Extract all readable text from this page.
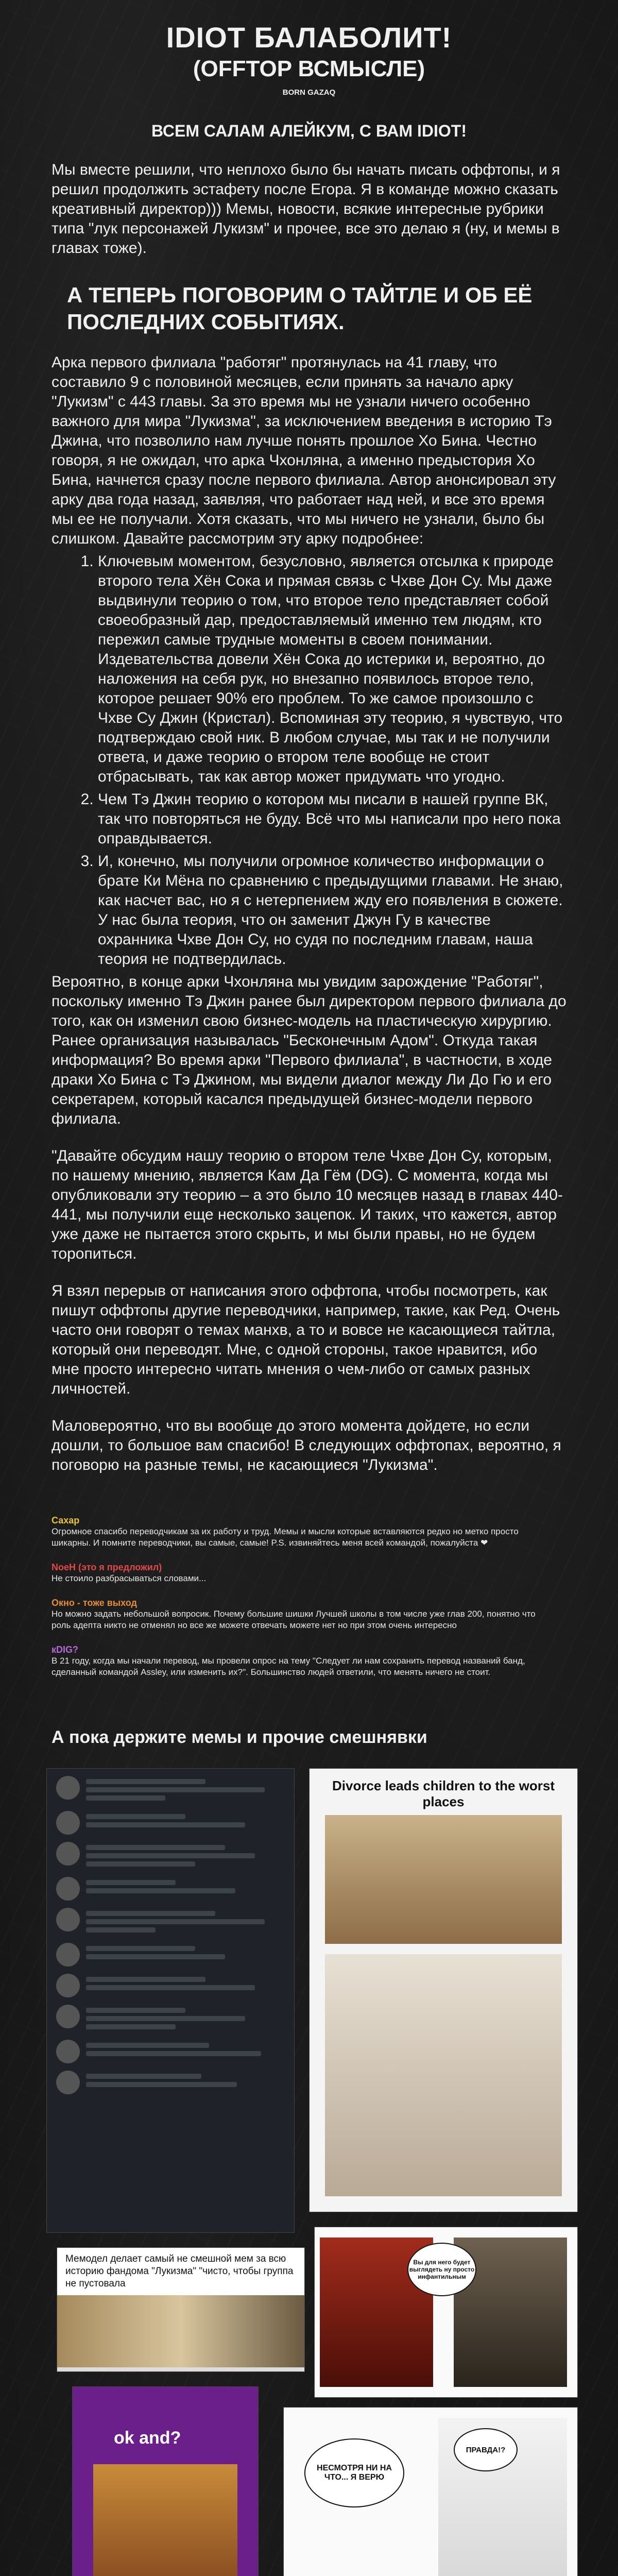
IDIOT БАЛАБОЛИТ!
(OFFTOP ВСМЫСЛЕ)
BORN GAZAQ
ВСЕМ САЛАМ АЛЕЙКУМ, С ВАМ IDIOT!
Мы вместе решили, что неплохо было бы начать писать оффтопы, и я решил продолжить эстафету после Егора. Я в команде можно сказать креативный директор))) Мемы, новости, всякие интересные рубрики типа "лук персонажей Лукизм" и прочее, все это делаю я (ну, и мемы в главах тоже).
А ТЕПЕРЬ ПОГОВОРИМ О ТАЙТЛЕ И ОБ ЕЁ ПОСЛЕДНИХ СОБЫТИЯХ.
Арка первого филиала "работяг" протянулась на 41 главу, что составило 9 с половиной месяцев, если принять за начало арку "Лукизм" с 443 главы. За это время мы не узнали ничего особенно важного для мира "Лукизма", за исключением введения в историю Тэ Джина, что позволило нам лучше понять прошлое Хо Бина. Честно говоря, я не ожидал, что арка Чхонляна, а именно предыстория Хо Бина, начнется сразу после первого филиала. Автор анонсировал эту арку два года назад, заявляя, что работает над ней, и все это время мы ее не получали. Хотя сказать, что мы ничего не узнали, было бы слишком. Давайте рассмотрим эту арку подробнее:
1. Ключевым моментом, безусловно, является отсылка к природе второго тела Хён Сока и прямая связь с Чхве Дон Су. Мы даже выдвинули теорию о том, что второе тело представляет собой своеобразный дар, предоставляемый именно тем людям, кто пережил самые трудные моменты в своем понимании. Издевательства довели Хён Сока до истерики и, вероятно, до наложения на себя рук, но внезапно появилось второе тело, которое решает 90% его проблем. То же самое произошло с Чхве Су Джин (Кристал). Вспоминая эту теорию, я чувствую, что подтверждаю свой ник. В любом случае, мы так и не получили ответа, и даже теорию о втором теле вообще не стоит отбрасывать, так как автор может придумать что угодно.
2. Чем Тэ Джин теорию о котором мы писали в нашей группе ВК, так что повторяться не буду. Всё что мы написали про него пока оправдывается.
3. И, конечно, мы получили огромное количество информации о брате Ки Мёна по сравнению с предыдущими главами. Не знаю, как насчет вас, но я с нетерпением жду его появления в сюжете. У нас была теория, что он заменит Джун Гу в качестве охранника Чхве Дон Су, но судя по последним главам, наша теория не подтвердилась.
Вероятно, в конце арки Чхонляна мы увидим зарождение "Работяг", поскольку именно Тэ Джин ранее был директором первого филиала до того, как он изменил свою бизнес-модель на пластическую хирургию. Ранее организация называлась "Бесконечным Адом". Откуда такая информация? Во время арки "Первого филиала", в частности, в ходе драки Хо Бина с Тэ Джином, мы видели диалог между Ли До Гю и его секретарем, который касался предыдущей бизнес-модели первого филиала.
"Давайте обсудим нашу теорию о втором теле Чхве Дон Су, которым, по нашему мнению, является Кам Да Гём (DG). С момента, когда мы опубликовали эту теорию – а это было 10 месяцев назад в главах 440-441, мы получили еще несколько зацепок. И таких, что кажется, автор уже даже не пытается этого скрыть, и мы были правы, но не будем торопиться.
Я взял перерыв от написания этого оффтопа, чтобы посмотреть, как пишут оффтопы другие переводчики, например, такие, как Ред. Очень часто они говорят о темах манхв, а то и вовсе не касающиеся тайтла, который они переводят. Мне, с одной стороны, такое нравится, ибо мне просто интересно читать мнения о чем-либо от самых разных личностей.
Маловероятно, что вы вообще до этого момента дойдете, но если дошли, то большое вам спасибо! В следующих оффтопах, вероятно, я поговорю на разные темы, не касающиеся "Лукизма".
Сахар
Огромное спасибо переводчикам за их работу и труд. Мемы и мысли которые вставляются редко но метко просто шикарны. И помните переводчики, вы самые, самые! P.S. извиняйтесь меня всей командой, пожалуйста ❤
NoeH (это я предложил)
Не стоило разбрасываться словами...
Окно - тоже выход
Но можно задать небольшой вопросик. Почему большие шишки Лучшей школы в том числе уже глав 200, понятно что роль адепта никто не отменял но все же можете отвечать можете нет но при этом очень интересно
кDIG?
В 21 году, когда мы начали перевод, мы провели опрос на тему "Следует ли нам сохранить перевод названий банд, сделанный командой Assley, или изменить их?". Большинство людей ответили, что менять ничего не стоит.
А пока держите мемы и прочие смешнявки
Divorce leads children to the worst places
Мемодел делает самый не смешной мем за всю историю фандома "Лукизма" "чисто, чтобы группа не пустовала
ok and?
Вы для него будет выглядеть ну просто инфантильным
НЕСМОТРЯ НИ НА ЧТО... Я ВЕРЮ
ПРАВДА!?
